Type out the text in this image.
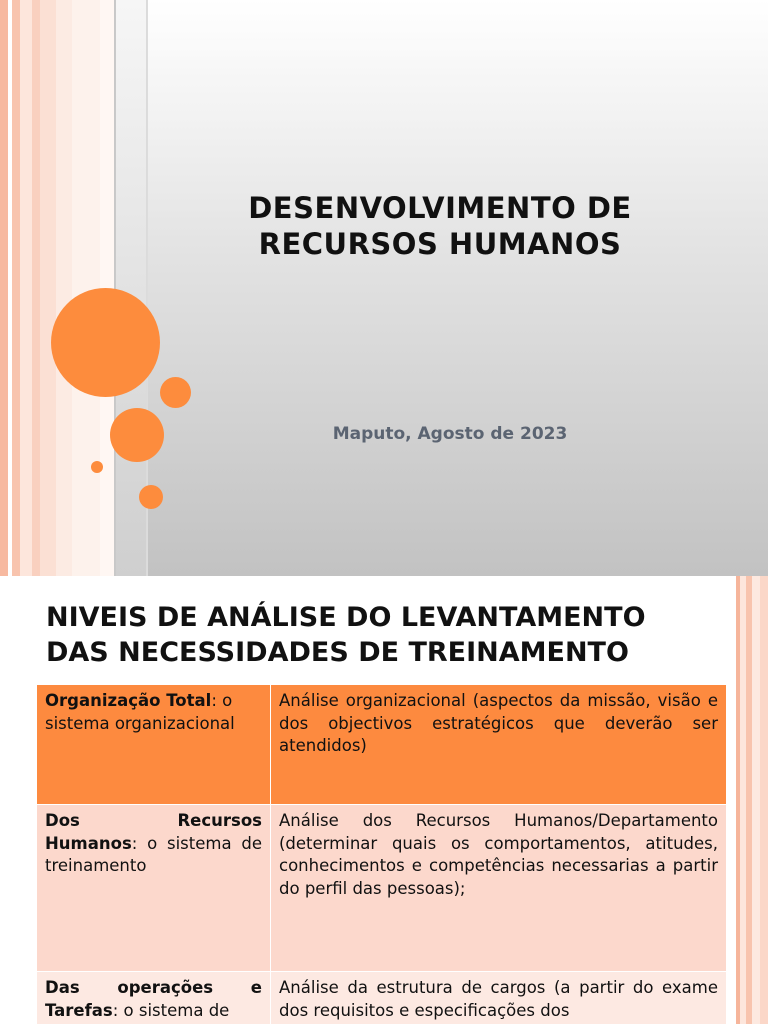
DESENVOLVIMENTO DE
RECURSOS HUMANOS
Maputo, Agosto de 2023
NIVEIS DE ANÁLISE DO LEVANTAMENTO
DAS NECESSIDADES DE TREINAMENTO
Organização Total: o sistema organizacional	Análise organizacional (aspectos da missão, visão e dos objectivos estratégicos que deverão ser atendidos)
Dos Recursos Humanos: o sistema de treinamento	Análise dos Recursos Humanos/Departamento (determinar quais os comportamentos, atitudes, conhecimentos e competências necessarias a partir do perfil das pessoas);
Das operações e Tarefas: o sistema de	Análise da estrutura de cargos (a partir do exame dos requisitos e especificações dos
